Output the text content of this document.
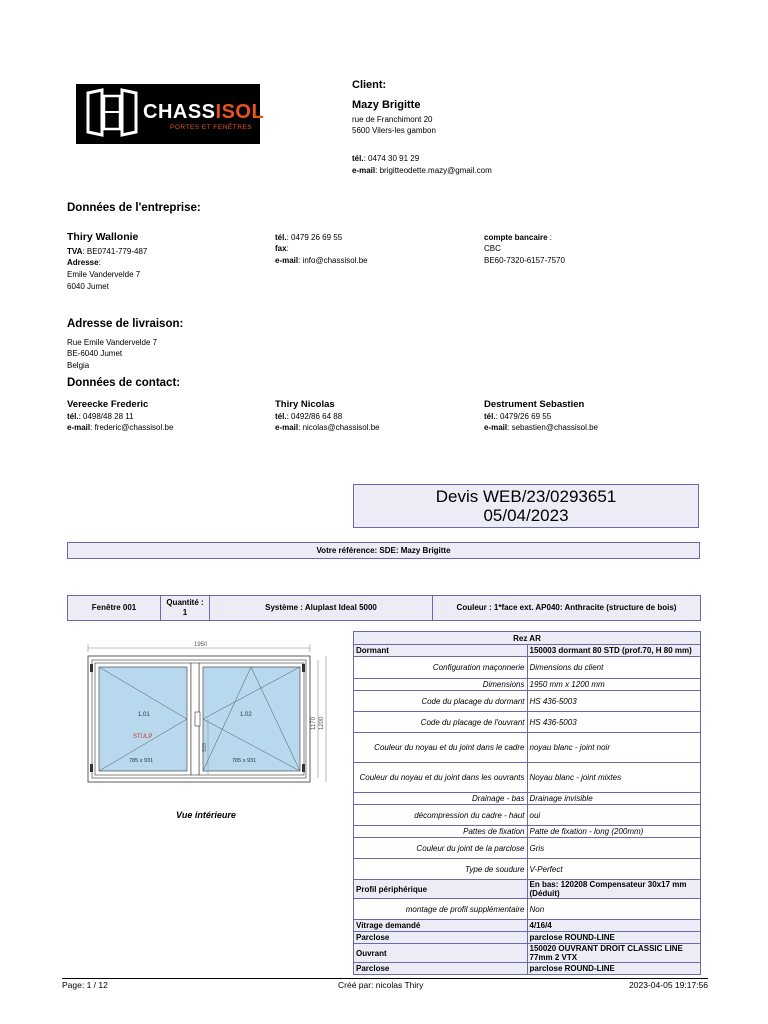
CHASSISOL
PORTES ET FENÊTRES
Client:
Mazy Brigitte
rue de Franchimont 20
5600 Vilers-les gambon
tél.: 0474 30 91 29
e-mail: brigitteodette.mazy@gmail.com
Données de l'entreprise:
Thiry Wallonie
TVA: BE0741-779-487
Adresse:
Emile Vandervelde 7
6040 Jumet
tél.: 0479 26 69 55
fax:
e-mail: info@chassisol.be
compte bancaire :
CBC
BE60-7320-6157-7570
Adresse de livraison:
Rue Emile Vandervelde 7
BE-6040 Jumet
Belgia
Données de contact:
Vereecke Frederic
tél.: 0498/48 28 11
e-mail: frederic@chassisol.be
Thiry Nicolas
tél.: 0492/86 64 88
e-mail: nicolas@chassisol.be
Destrument Sebastien
tél.: 0479/26 69 55
e-mail: sebastien@chassisol.be
Devis WEB/23/0293651
05/04/2023
Votre référence: SDE: Mazy Brigitte
Fenêtre 001	Quantité : 1	Système : Aluplast Ideal 5000	Couleur : 1*face ext. AP040: Anthracite (structure de bois)
1950
1170 1200
535
1.01	1.02
STULP
785 x 931	785 x 931
Vue intérieure
Rez AR	
Dormant	150003 dormant 80 STD (prof.70, H 80 mm)
Configuration maçonnerie	Dimensions du client
Dimensions	1950 mm x 1200 mm
Code du placage du dormant	HS 436-5003
Code du placage de l'ouvrant	HS 436-5003
Couleur du noyau et du joint dans le cadre	noyau blanc - joint noir
Couleur du noyau et du joint dans les ouvrants	Noyau blanc - joint mixtes
Drainage - bas	Drainage invisible
décompression du cadre - haut	oui
Pattes de fixation	Patte de fixation - long (200mm)
Couleur du joint de la parclose	Gris
Type de soudure	V-Perfect
Profil périphérique	En bas: 120208 Compensateur 30x17 mm (Déduit)
montage de profil supplémentaire	Non
Vitrage demandé	4/16/4
Parclose	parclose ROUND-LINE
Ouvrant	150020 OUVRANT DROIT CLASSIC LINE 77mm 2 VTX
Parclose	parclose ROUND-LINE
Page: 1 / 12	Créé par: nicolas Thiry	2023-04-05 19:17:56
